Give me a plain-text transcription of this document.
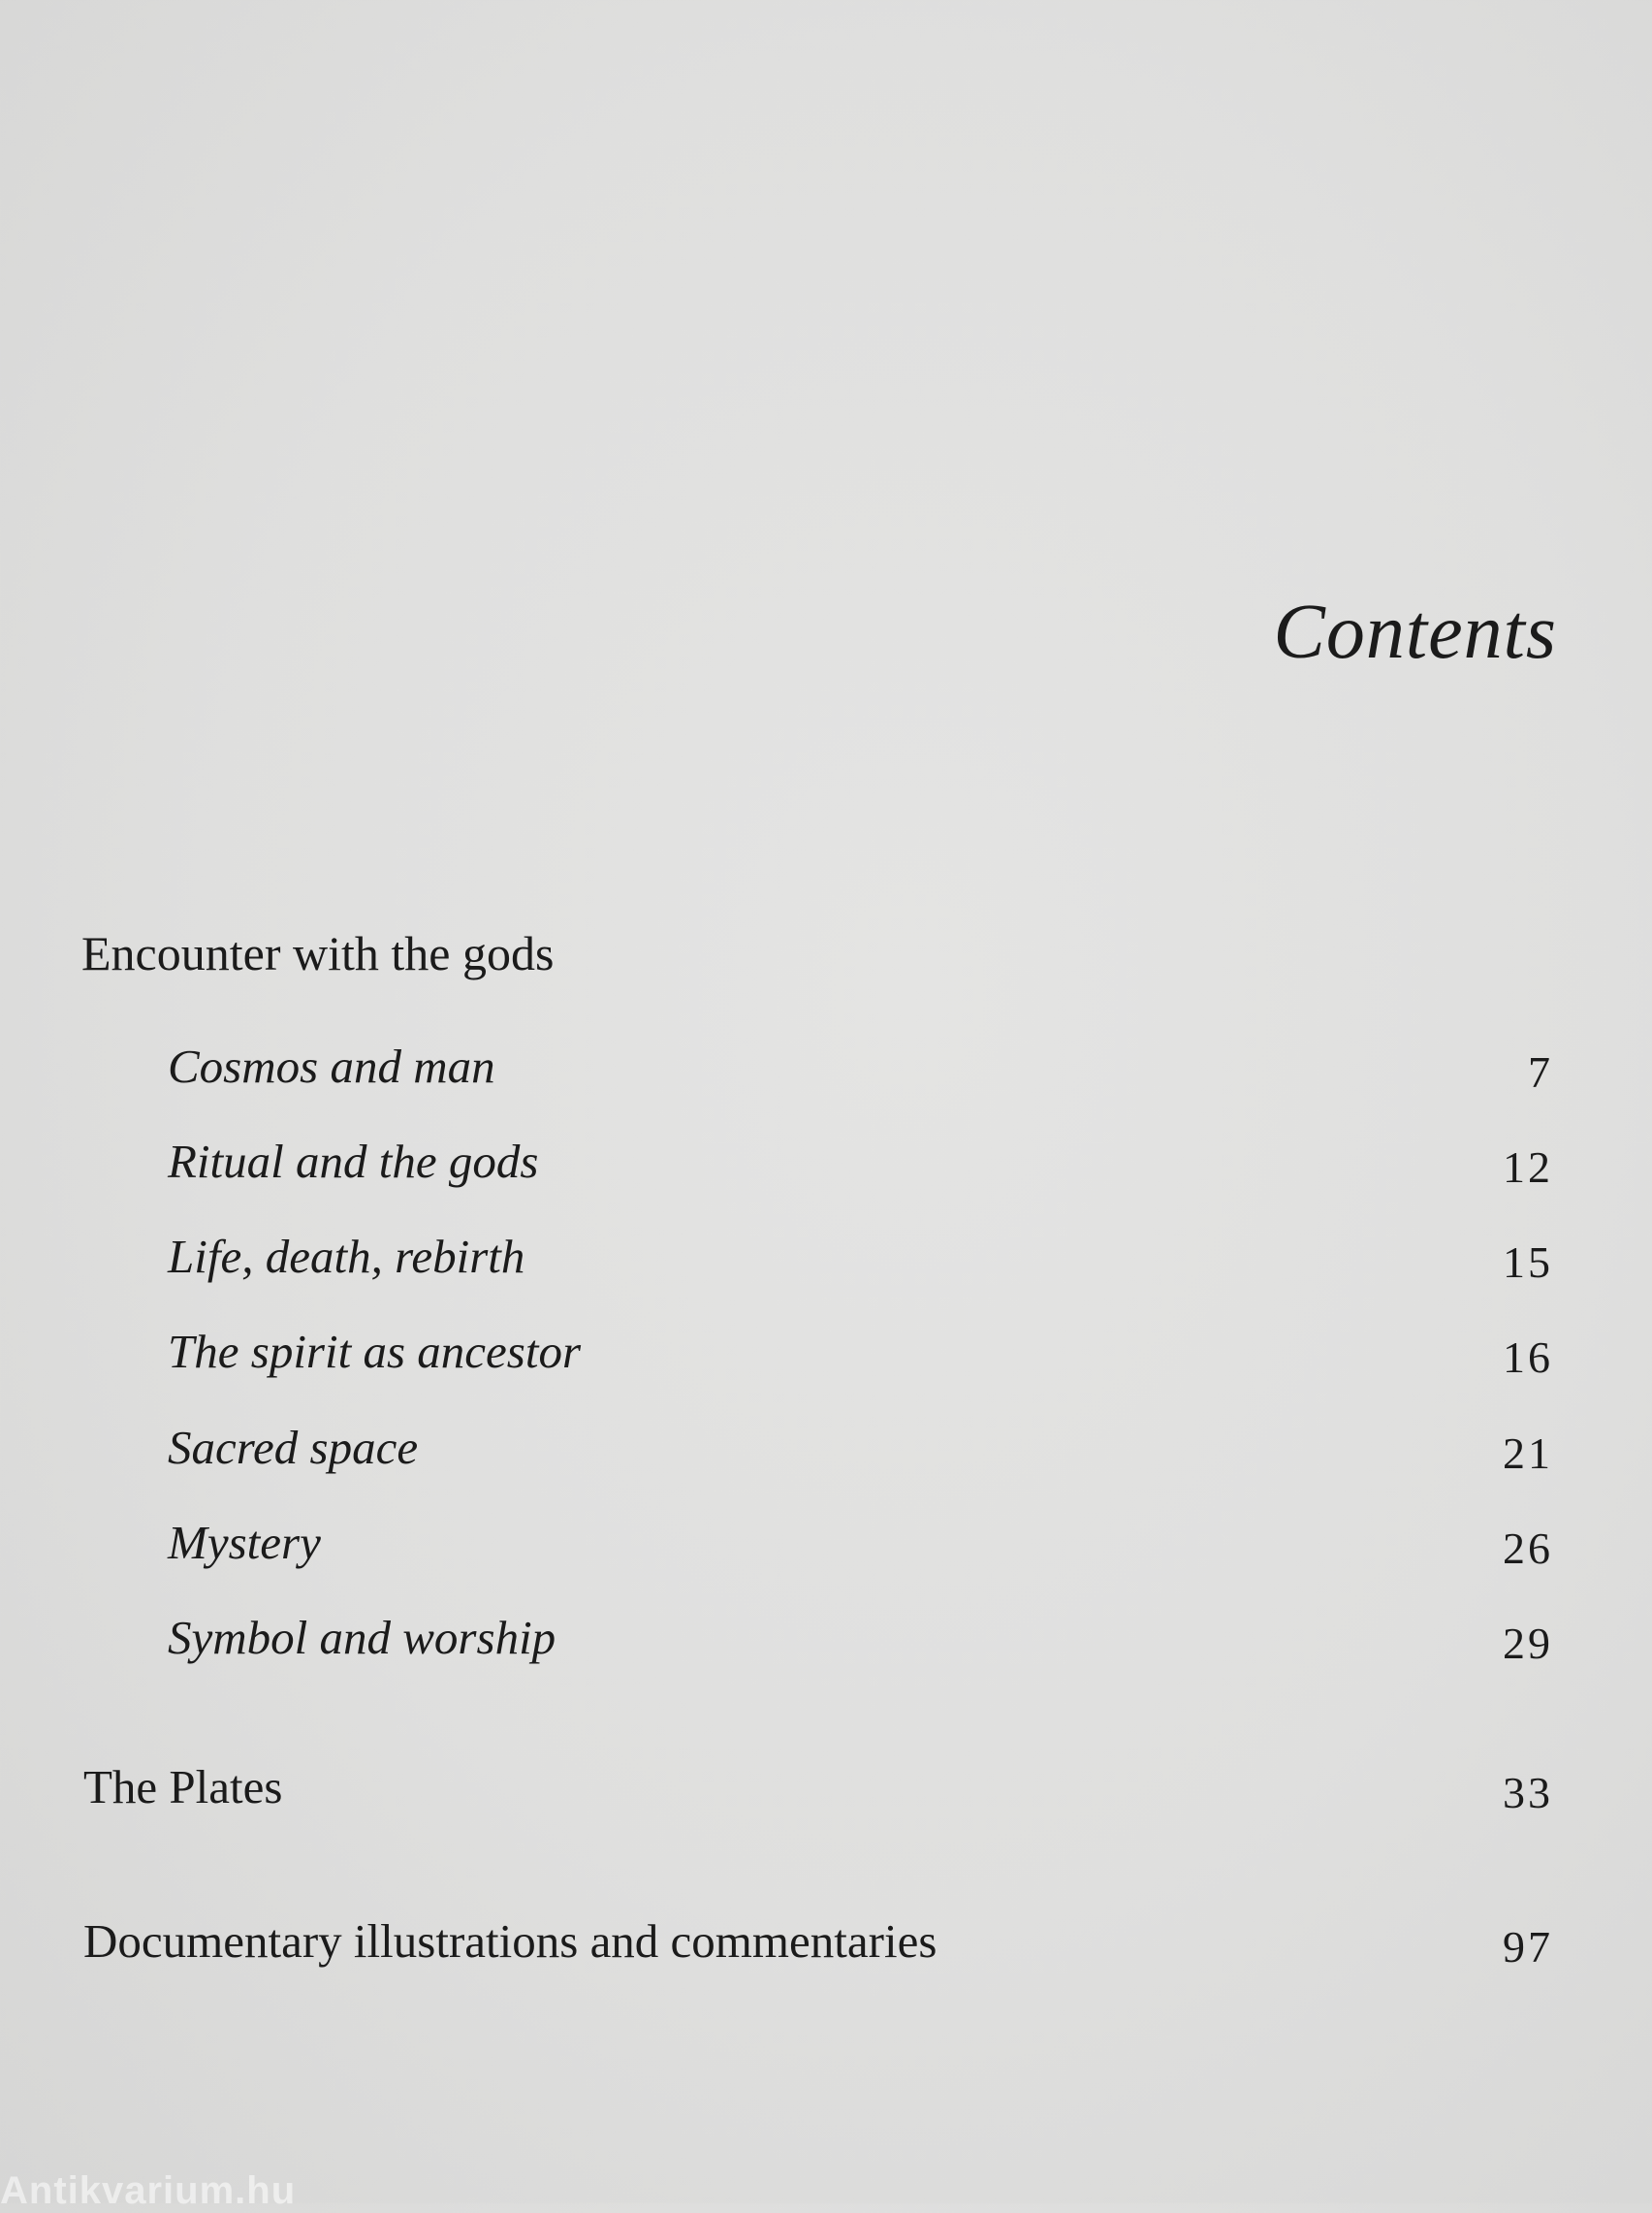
Contents
Encounter with the gods
Cosmos and man	7
Ritual and the gods	12
Life, death, rebirth	15
The spirit as ancestor	16
Sacred space	21
Mystery	26
Symbol and worship	29
The Plates	33
Documentary illustrations and commentaries	97
Antikvarium.hu
